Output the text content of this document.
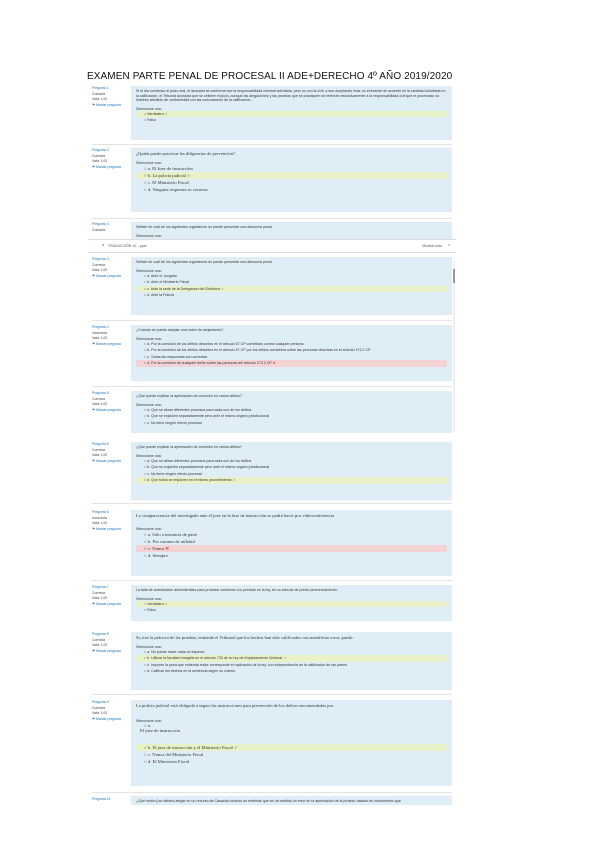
EXAMEN PARTE PENAL DE PROCESAL II ADE+DERECHO 4º AÑO 2019/2020
Pregunta 1
Correcta
Valor 1,00
⚑ Marcar pregunta
Si el día comienzo el juicio oral, el acusado se conforma con la responsabilidad criminal solicitada, pero no con la civil, a aun aceptando ésta, no estuviese de acuerdo en la cantidad solicitada en la calificación, el Tribunal acordará que se celebre el juicio, aunque las alegaciones y las pruebas que se practiquen se referirán exclusivamente a la responsabilidad civil que el procesado no hubiese admitido de conformidad con las conclusiones de la calificación.
Seleccione una:
○ Verdadero ✓
○ Falso
Pregunta 2
Correcta
Valor 1,00
⚑ Marcar pregunta
¿Quién puede practicar las diligencias de prevención?
Seleccione una:
○ a. El Juez de instrucción
○ b. La policía judicial ✓
○ c. El Ministerio Fiscal
○ d. Ninguna respuesta es correcta.
Pregunta 3
Correcta
Señale en cuál de los siguientes organismos no puede presentar una denuncia penal.
Seleccione una:
● TRADUCCIÓN 10....pptx	Mostrar todo ×
Pregunta 3
Correcta
Valor 1,00
⚑ Marcar pregunta
Señale en cuál de los siguientes organismos no puede presentar una denuncia penal.
Seleccione una:
○ a. Ante el Juzgado
○ b. Ante el Ministerio Fiscal
○ c. Ante la sede de la Delegación del Gobierno ✓
○ d. Ante la Policía
Pregunta 4
Incorrecta
Valor 1,00
⚑ Marcar pregunta
¿Cuándo se puede adoptar una orden de alejamiento?
Seleccione una:
○ a. Por la comisión de los delitos descritos en el artículo 57 CP cometidos contra cualquier persona
○ b. Por la comisión de los delitos descritos en el artículo 57 CP por los delitos cometidos sobre las personas descritas en el artículo 173.2 CP
○ c. Todas las respuestas son correctas
○ d. Por la comisión de cualquier delito sobre las personas del artículo 173.2 CP ✕
Pregunta 5
Correcta
Valor 1,00
⚑ Marcar pregunta
¿Qué puede explicar la apreciación de conexión en varios delitos?
Seleccione una:
○ a. Que se abran diferentes procesos para cada uno de los delitos
○ b. Que se enjuicien separadamente pero ante el mismo órgano jurisdiccional
○ c. No tiene ningún efecto procesal
Pregunta 5
Correcta
Valor 1,00
⚑ Marcar pregunta
¿Qué puede explicar la apreciación de conexión en varios delitos?
Seleccione una:
○ a. Que se abran diferentes procesos para cada uno de los delitos
○ b. Que se enjuicien separadamente pero ante el mismo órgano jurisdiccional
○ c. No tiene ningún efecto procesal
○ d. Que todos se enjuicien en el mismo procedimiento ✓
Pregunta 6
Incorrecta
Valor 1,00
⚑ Marcar pregunta
La comparecencia del investigado ante el juez en la fase de instrucción se podrá hacer por videoconferencia
Seleccione una:
○ a. Sólo a instancia de parte
○ b. Por razones de utilidad
○ c. Nunca ✕
○ d. Siempre
Pregunta 7
Correcta
Valor 1,00
⚑ Marcar pregunta
La falta de autorización administrativa para procesar conforme a lo previsto en la ley, es un artículo de previo pronunciamiento.
Seleccione una:
○ Verdadero ✓
○ Falso
Pregunta 8
Correcta
Valor 1,00
⚑ Marcar pregunta
Si, tras la práctica de las pruebas, entiende el Tribunal que los hechos han sido calificados con manifiesto error, puede:
Seleccione una:
○ a. No puede hacer nada al respecto.
○ b. Utilizar la facultad recogida en el artículo 733 de la Ley de Enjuiciamiento Criminal. ✓
○ c. Imponer la pena que entienda mejor corresponde en aplicación de la ley, con independencia de la calificación de las partes.
○ d. Calificar los hechos en la sentencia según su criterio.
Pregunta 9
Correcta
Valor 1,00
⚑ Marcar pregunta
La policía judicial está obligada a seguir las instrucciones para prevención de los delitos encomendadas por
Seleccione una:
○ a.
El juez de instrucción
○ b. El juez de instrucción y el Ministerio Fiscal ✓
○ c. Nunca del Ministerio Fiscal
○ d. El Ministerio Fiscal
Pregunta 10	¿Qué motivo] se deberá alegar en un recurso de Casación cuando se entiende que se ha existido un error en la apreciación de la prueba, basado en documentos que
